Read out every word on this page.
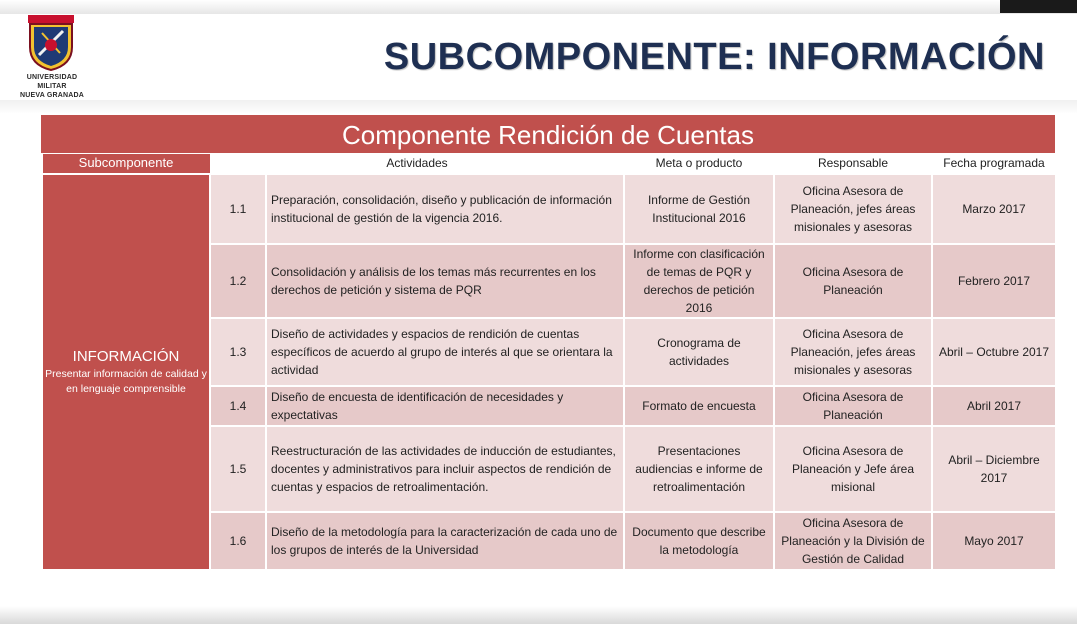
UNIVERSIDAD MILITAR
NUEVA GRANADA
SUBCOMPONENTE: INFORMACIÓN
Componente Rendición de Cuentas
Subcomponente	Actividades		Meta o producto	Responsable	Fecha programada

INFORMACIÓN
Presentar información de calidad y en lenguaje comprensible	1.1	Preparación, consolidación, diseño y publicación de información institucional de gestión de la vigencia 2016.	Informe de Gestión Institucional 2016	Oficina Asesora de Planeación, jefes áreas misionales y asesoras	Marzo 2017
	1.2	Consolidación y análisis de los temas más recurrentes en los derechos de petición y sistema de PQR	Informe con clasificación de temas de PQR y derechos de petición 2016	Oficina Asesora de Planeación	Febrero 2017
	1.3	Diseño de actividades y espacios de rendición de cuentas específicos de acuerdo al grupo de interés al que se orientara la actividad	Cronograma de actividades	Oficina Asesora de Planeación, jefes áreas misionales y asesoras	Abril – Octubre 2017
	1.4	Diseño de encuesta de identificación de necesidades y expectativas	Formato de encuesta	Oficina Asesora de Planeación	Abril 2017
	1.5	Reestructuración de las actividades de inducción de estudiantes, docentes y administrativos para incluir aspectos de rendición de cuentas y espacios de retroalimentación.	Presentaciones audiencias e informe de retroalimentación	Oficina Asesora de Planeación y Jefe área misional	Abril – Diciembre 2017
	1.6	Diseño de la metodología para la caracterización de cada uno de los grupos de interés de la Universidad	Documento que describe la metodología	Oficina Asesora de Planeación y la División de Gestión de Calidad	Mayo 2017
